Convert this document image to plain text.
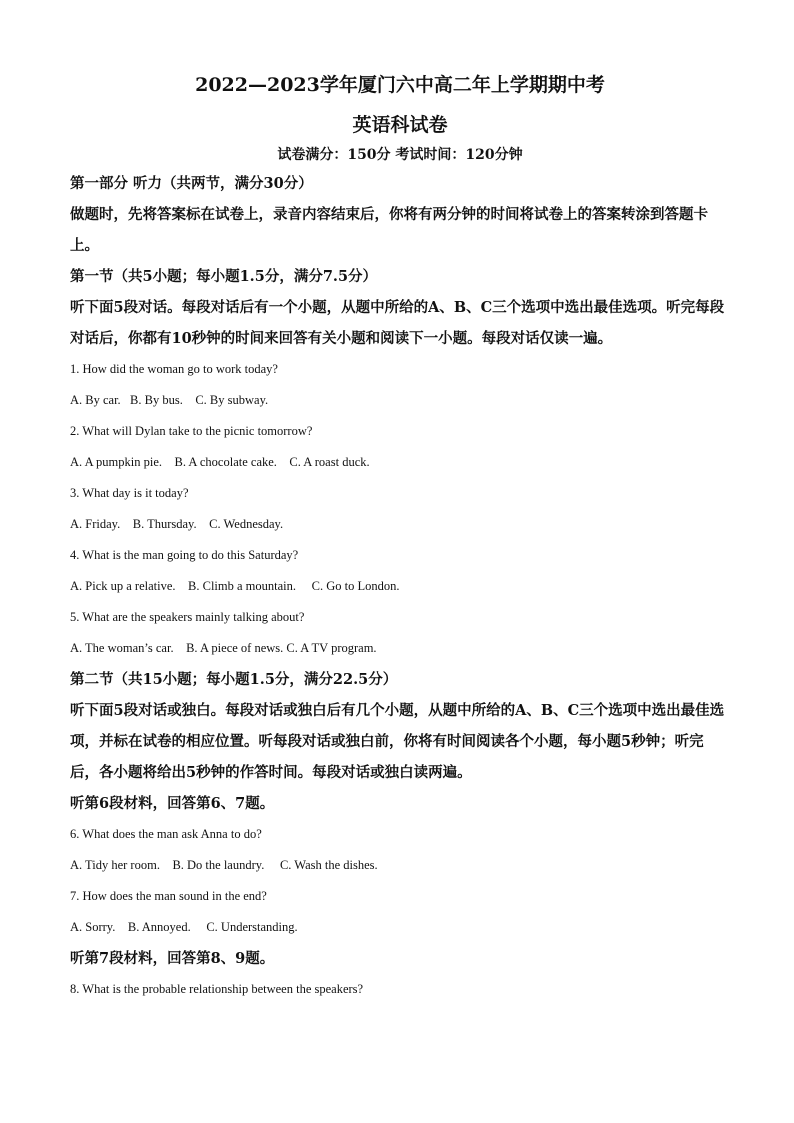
2022—2023学年厦门六中高二年上学期期中考
英语科试卷
试卷满分：150分 考试时间：120分钟
第一部分 听力（共两节，满分30分）
做题时，先将答案标在试卷上，录音内容结束后，你将有两分钟的时间将试卷上的答案转涂到答题卡上。
第一节（共5小题；每小题1.5分，满分7.5分）
听下面5段对话。每段对话后有一个小题，从题中所给的A、B、C三个选项中选出最佳选项。听完每段对话后，你都有10秒钟的时间来回答有关小题和阅读下一小题。每段对话仅读一遍。
1. How did the woman go to work today?
A. By car.   B. By bus.    C. By subway.
2. What will Dylan take to the picnic tomorrow?
A. A pumpkin pie.    B. A chocolate cake.    C. A roast duck.
3. What day is it today?
A. Friday.    B. Thursday.    C. Wednesday.
4. What is the man going to do this Saturday?
A. Pick up a relative.    B. Climb a mountain.     C. Go to London.
5. What are the speakers mainly talking about?
A. The woman’s car.    B. A piece of news. C. A TV program.
第二节（共15小题；每小题1.5分，满分22.5分）
听下面5段对话或独白。每段对话或独白后有几个小题，从题中所给的A、B、C三个选项中选出最佳选项，并标在试卷的相应位置。听每段对话或独白前，你将有时间阅读各个小题，每小题5秒钟；听完后，各小题将给出5秒钟的作答时间。每段对话或独白读两遍。
听第6段材料，回答第6、7题。
6. What does the man ask Anna to do?
A. Tidy her room.    B. Do the laundry.     C. Wash the dishes.
7. How does the man sound in the end?
A. Sorry.    B. Annoyed.     C. Understanding.
听第7段材料，回答第8、9题。
8. What is the probable relationship between the speakers?
